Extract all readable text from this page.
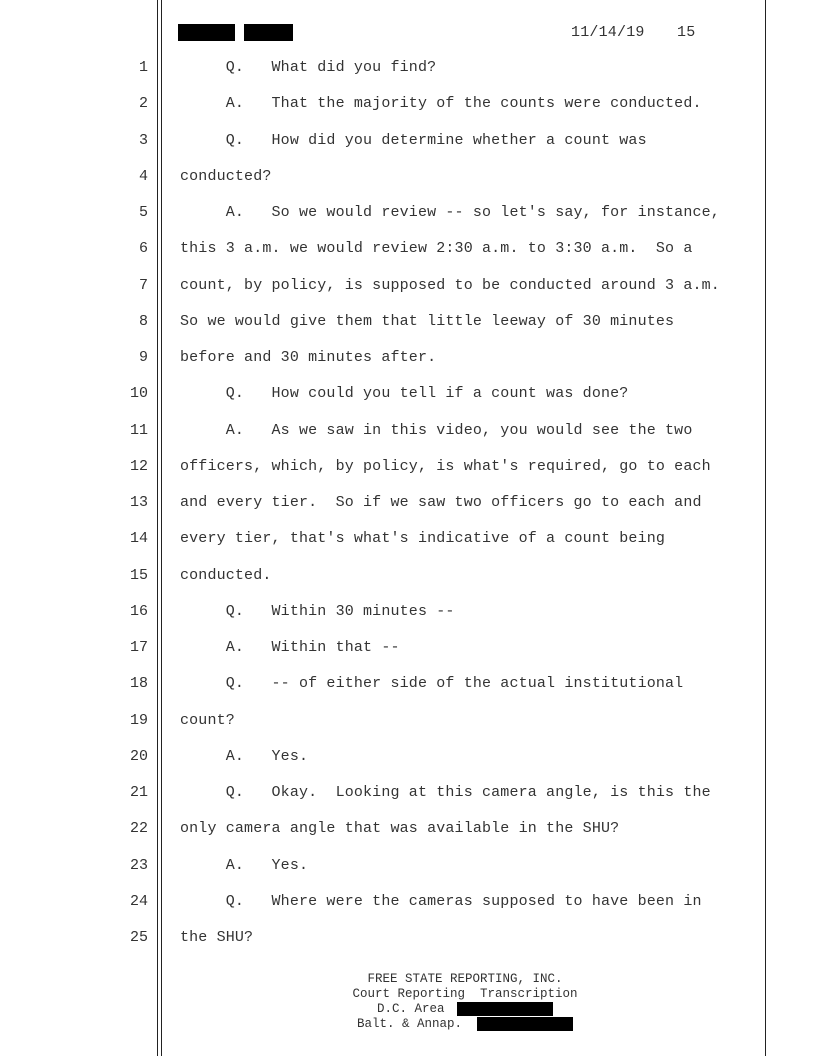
11/14/19 15
1 Q.   What did you find?
2 A.   That the majority of the counts were conducted.
3 Q.   How did you determine whether a count was
4 conducted?
5 A.   So we would review -- so let's say, for instance,
6 this 3 a.m. we would review 2:30 a.m. to 3:30 a.m.  So a
7 count, by policy, is supposed to be conducted around 3 a.m.
8 So we would give them that little leeway of 30 minutes
9 before and 30 minutes after.
10 Q.   How could you tell if a count was done?
11 A.   As we saw in this video, you would see the two
12 officers, which, by policy, is what's required, go to each
13 and every tier.  So if we saw two officers go to each and
14 every tier, that's what's indicative of a count being
15 conducted.
16 Q.   Within 30 minutes --
17 A.   Within that --
18 Q.   -- of either side of the actual institutional
19 count?
20 A.   Yes.
21 Q.   Okay.  Looking at this camera angle, is this the
22 only camera angle that was available in the SHU?
23 A.   Yes.
24 Q.   Where were the cameras supposed to have been in
25 the SHU?
FREE STATE REPORTING, INC.
Court Reporting  Transcription
D.C. Area
Balt. & Annap.
